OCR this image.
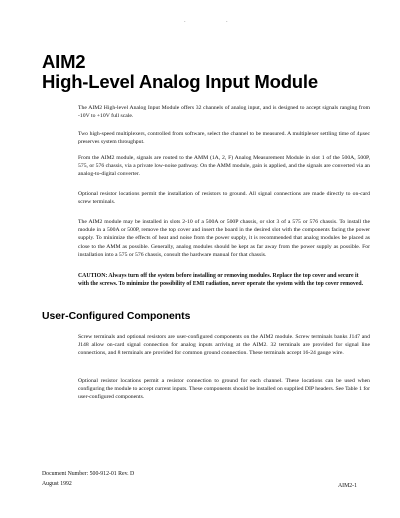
.	.
AIM2
High-Level Analog Input Module

The AIM2 High-level Analog Input Module offers 32 channels of analog input, and is designed to accept signals ranging from -10V to +10V full scale.

Two high-speed multiplexers, controlled from software, select the channel to be measured. A multiplexer settling time of 4µsec preserves system throughput.

From the AIM2 module, signals are routed to the AMM (1A, 2, F) Analog Measurement Module in slot 1 of the 500A, 500P, 575, or 576 chassis, via a private low-noise pathway. On the AMM module, gain is applied, and the signals are converted via an analog-to-digital converter.

Optional resistor locations permit the installation of resistors to ground. All signal connections are made directly to on-card screw terminals.

The AIM2 module may be installed in slots 2-10 of a 500A or 500P chassis, or slot 3 of a 575 or 576 chassis. To install the module in a 500A or 500P, remove the top cover and insert the board in the desired slot with the components facing the power supply. To minimize the effects of heat and noise from the power supply, it is recommended that analog modules be placed as close to the AMM as possible. Generally, analog modules should be kept as far away from the power supply as possible. For installation into a 575 or 576 chassis, consult the hardware manual for that chassis.

CAUTION: Always turn off the system before installing or removing modules. Replace the top cover and secure it with the screws. To minimize the possibility of EMI radiation, never operate the system with the top cover removed.

User-Configured Components

Screw terminals and optional resistors are user-configured components on the AIM2 module. Screw terminals banks J147 and J148 allow on-card signal connection for analog inputs arriving at the AIM2. 32 terminals are provided for signal line connections, and 8 terminals are provided for common ground connection. These terminals accept 16-24 gauge wire.

Optional resistor locations permit a resistor connection to ground for each channel. These locations can be used when configuring the module to accept current inputs. These components should be installed on supplied DIP headers. See Table 1 for user-configured components.

Document Number: 500-912-01 Rev. D
August 1992	AIM2-1
